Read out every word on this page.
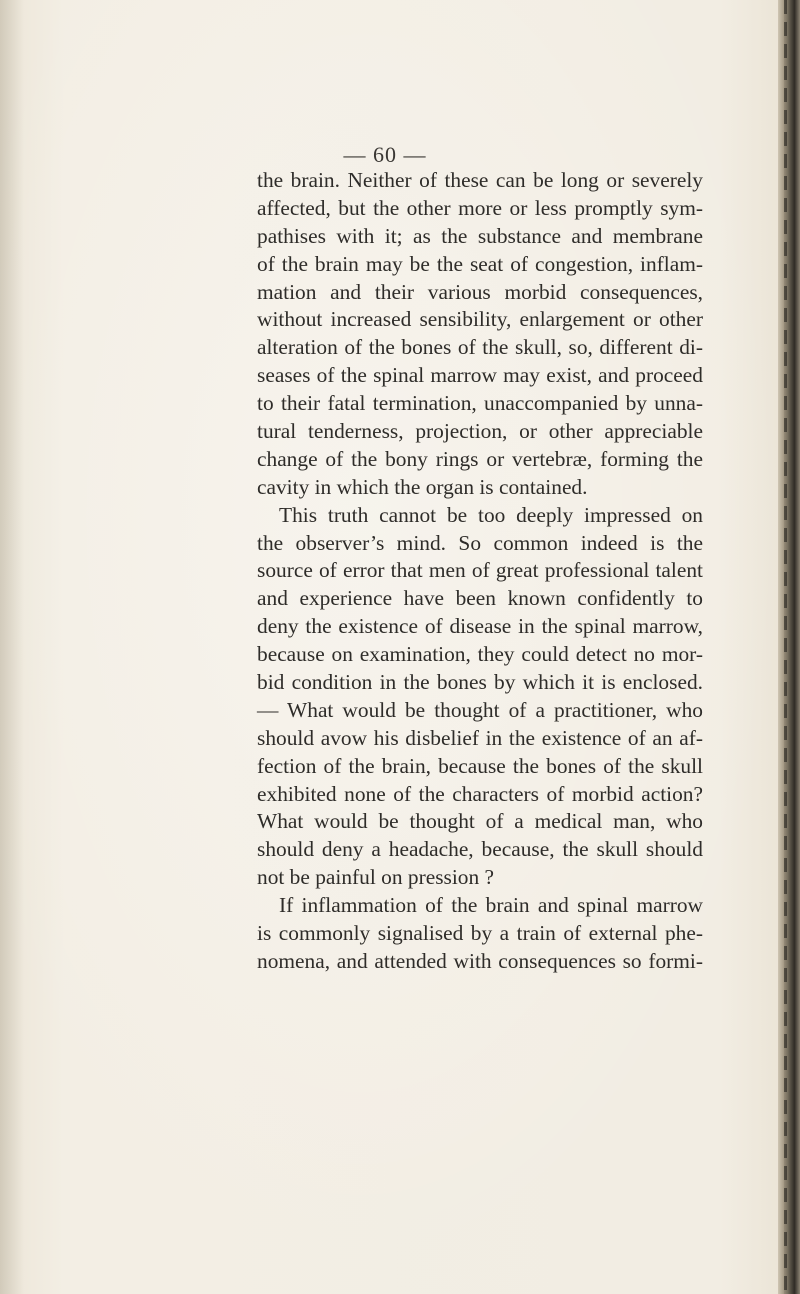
— 60 —
the brain. Neither of these can be long or severely
affected, but the other more or less promptly sym-
pathises with it; as the substance and membrane
of the brain may be the seat of congestion, inflam-
mation and their various morbid consequences,
without increased sensibility, enlargement or other
alteration of the bones of the skull, so, different di-
seases of the spinal marrow may exist, and proceed
to their fatal termination, unaccompanied by unna-
tural tenderness, projection, or other appreciable
change of the bony rings or vertebræ, forming the
cavity in which the organ is contained.
This truth cannot be too deeply impressed on
the observer’s mind. So common indeed is the
source of error that men of great professional talent
and experience have been known confidently to
deny the existence of disease in the spinal marrow,
because on examination, they could detect no mor-
bid condition in the bones by which it is enclosed.
— What would be thought of a practitioner, who
should avow his disbelief in the existence of an af-
fection of the brain, because the bones of the skull
exhibited none of the characters of morbid action?
What would be thought of a medical man, who
should deny a headache, because, the skull should
not be painful on pression ?
If inflammation of the brain and spinal marrow
is commonly signalised by a train of external phe-
nomena, and attended with consequences so formi-
